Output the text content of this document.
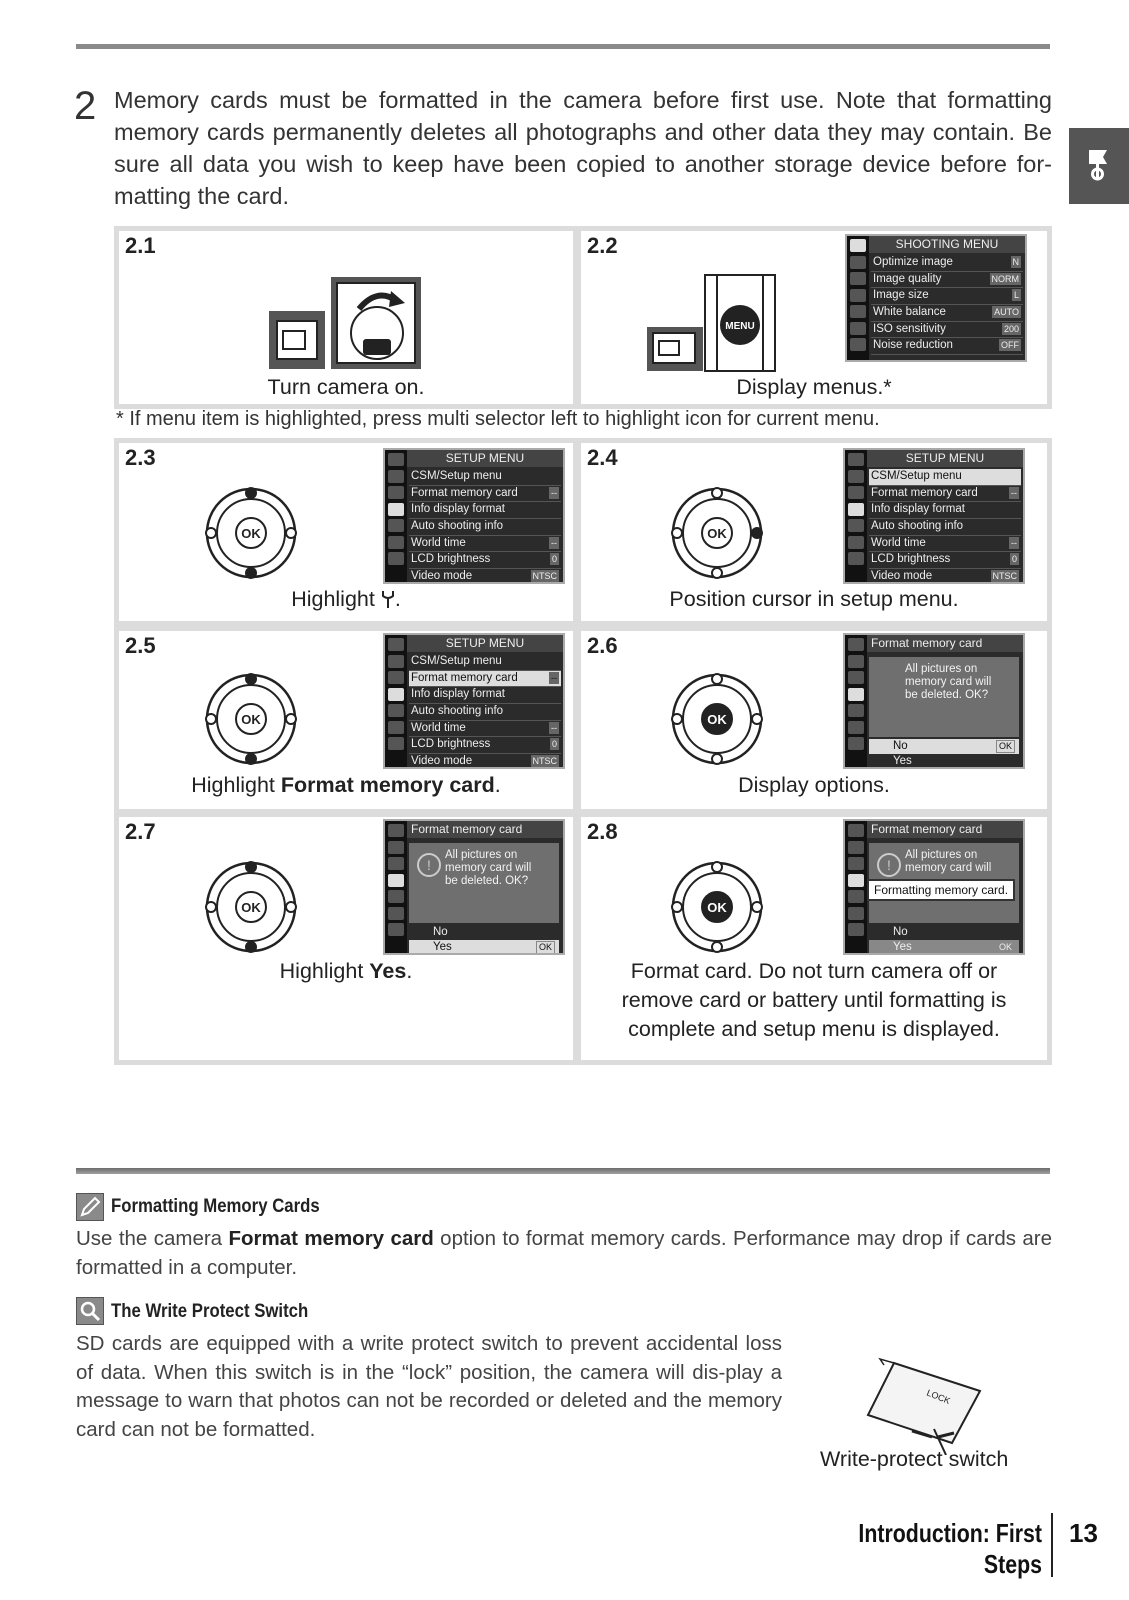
2 Memory cards must be formatted in the camera before first use. Note that formatting memory cards permanently deletes all photographs and other data they may contain. Be sure all data you wish to keep have been copied to another storage device before for-matting the card.
2.1
Turn camera on.
2.2
MENU
SHOOTING MENU
Optimize image	N
Image quality	NORM
Image size	L
White balance	AUTO
ISO sensitivity	200
Noise reduction	OFF
Display menus.*
* If menu item is highlighted, press multi selector left to highlight icon for current menu.
2.3
OK
SETUP MENU
CSM/Setup menu
Format memory card	--
Info display format
Auto shooting info
World time	--
LCD brightness	0
Video mode	NTSC
Highlight .
2.4
OK
SETUP MENU
CSM/Setup menu
Format memory card	--
Info display format
Auto shooting info
World time	--
LCD brightness	0
Video mode	NTSC
Position cursor in setup menu.
2.5
OK
SETUP MENU
CSM/Setup menu
Format memory card	--
Info display format
Auto shooting info
World time	--
LCD brightness	0
Video mode	NTSC
Highlight Format memory card.
2.6
OK
Format memory card
All pictures on
memory card will
be deleted. OK?
No	OK
Yes
Display options.
2.7
OK
Format memory card
!
All pictures on
memory card will
be deleted. OK?
No
Yes	OK
Highlight Yes.
2.8
OK
Format memory card
!
All pictures on
memory card will
Formatting memory card.
No
Yes	OK
Format card. Do not turn camera off or
remove card or battery until formatting is
complete and setup menu is displayed.
Formatting Memory Cards
Use the camera Format memory card option to format memory cards. Performance may drop if cards are formatted in a computer.
The Write Protect Switch
SD cards are equipped with a write protect switch to prevent accidental loss of data. When this switch is in the “lock” position, the camera will dis-play a message to warn that photos can not be recorded or deleted and the memory card can not be formatted.
LOCK
Write-protect switch
Introduction: First Steps
13
